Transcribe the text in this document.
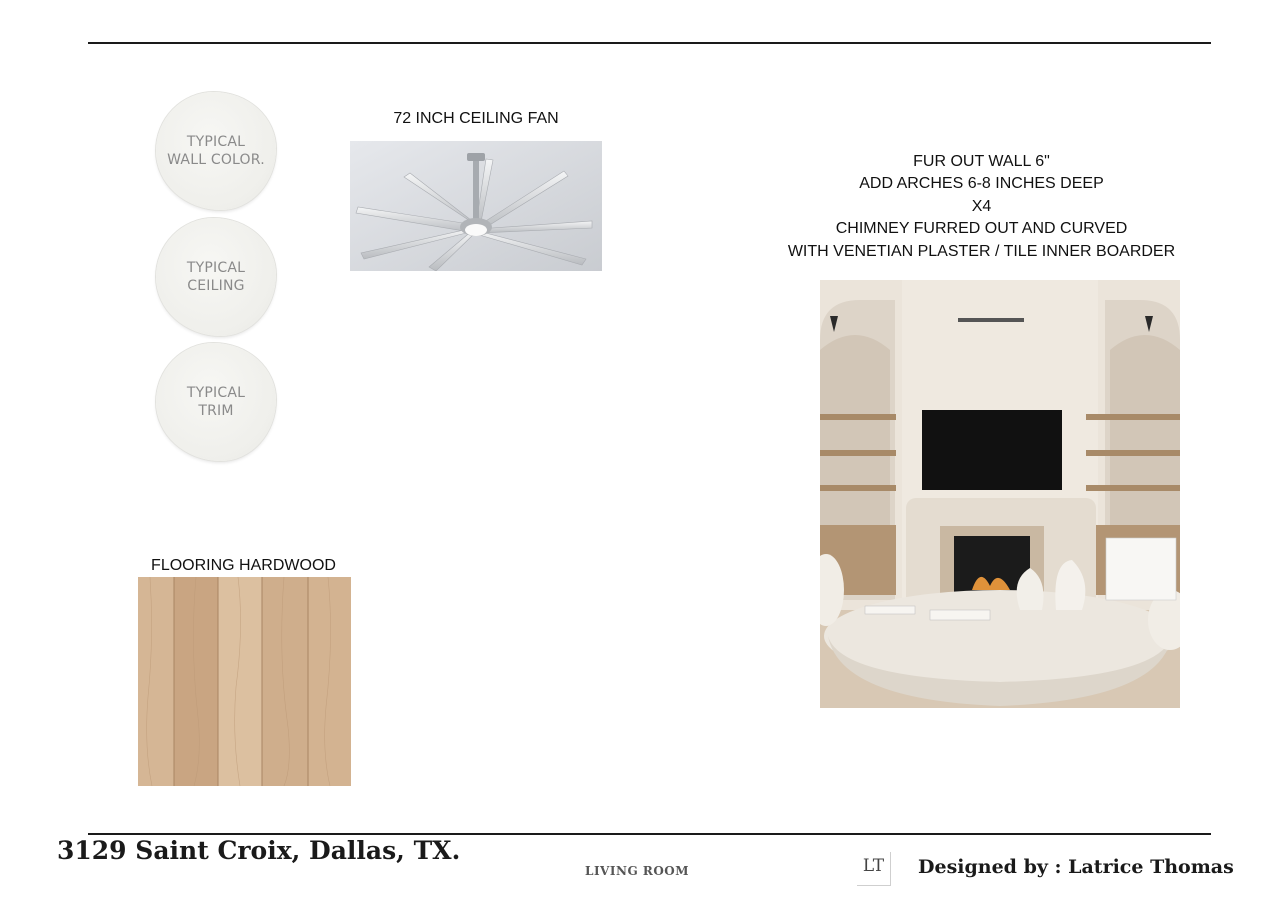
TYPICAL
WALL COLOR.
TYPICAL
CEILING
TYPICAL
TRIM
72 INCH CEILING FAN
FUR OUT WALL 6"
ADD ARCHES 6-8 INCHES DEEP
X4
CHIMNEY FURRED OUT AND CURVED
WITH VENETIAN PLASTER / TILE INNER BOARDER
FLOORING HARDWOOD
3129 Saint Croix, Dallas, TX.
LIVING ROOM	LT	Designed by : Latrice Thomas
